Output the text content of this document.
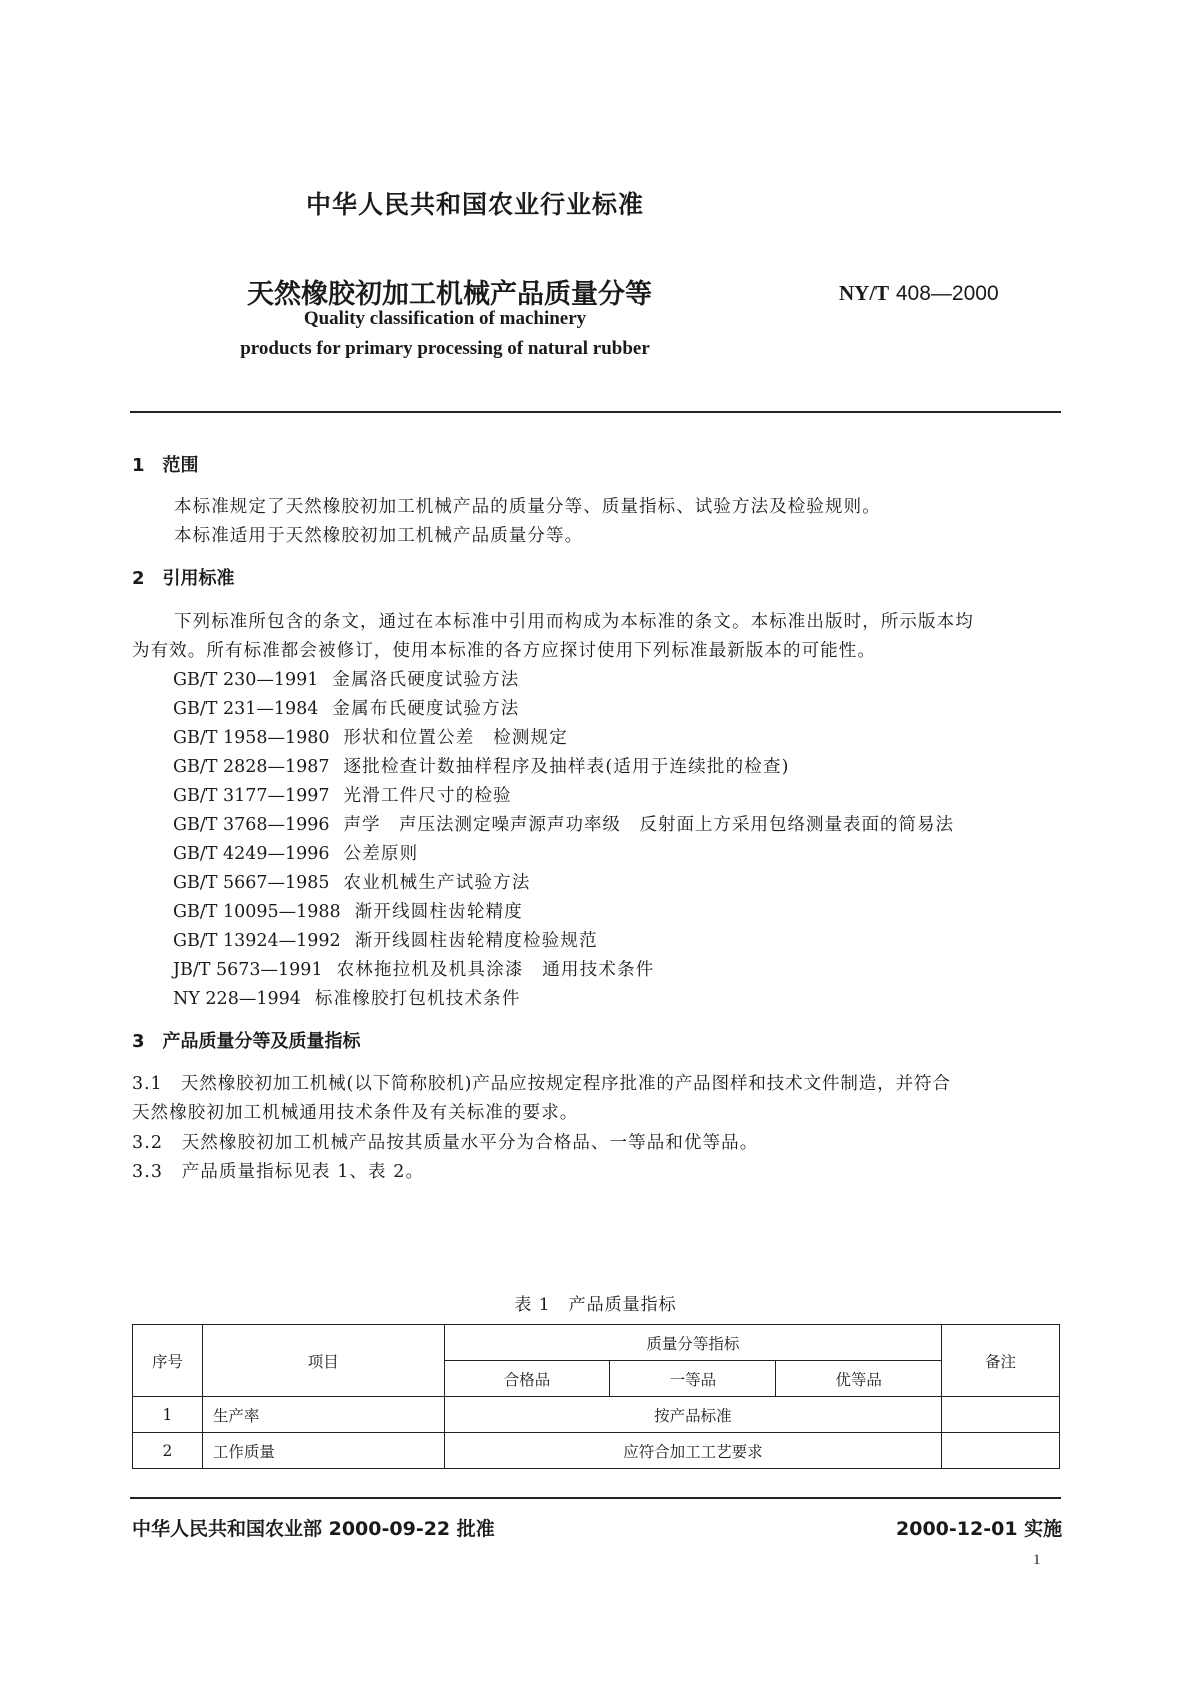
中华人民共和国农业行业标准
天然橡胶初加工机械产品质量分等	NY/T 408—2000
Quality classification of machinery
products for primary processing of natural rubber
1　范围
本标准规定了天然橡胶初加工机械产品的质量分等、质量指标、试验方法及检验规则。
本标准适用于天然橡胶初加工机械产品质量分等。
2　引用标准
下列标准所包含的条文，通过在本标准中引用而构成为本标准的条文。本标准出版时，所示版本均
为有效。所有标准都会被修订，使用本标准的各方应探讨使用下列标准最新版本的可能性。
GB/T 230—1991 金属洛氏硬度试验方法
GB/T 231—1984 金属布氏硬度试验方法
GB/T 1958—1980 形状和位置公差　检测规定
GB/T 2828—1987 逐批检查计数抽样程序及抽样表(适用于连续批的检查)
GB/T 3177—1997 光滑工件尺寸的检验
GB/T 3768—1996 声学　声压法测定噪声源声功率级　反射面上方采用包络测量表面的简易法
GB/T 4249—1996 公差原则
GB/T 5667—1985 农业机械生产试验方法
GB/T 10095—1988 渐开线圆柱齿轮精度
GB/T 13924—1992 渐开线圆柱齿轮精度检验规范
JB/T 5673—1991 农林拖拉机及机具涂漆　通用技术条件
NY 228—1994 标准橡胶打包机技术条件
3　产品质量分等及质量指标
3.1　天然橡胶初加工机械(以下简称胶机)产品应按规定程序批准的产品图样和技术文件制造，并符合
天然橡胶初加工机械通用技术条件及有关标准的要求。
3.2　天然橡胶初加工机械产品按其质量水平分为合格品、一等品和优等品。
3.3　产品质量指标见表 1、表 2。
表 1　产品质量指标
序号	项目	质量分等指标			备注
		合格品	一等品	优等品	
1	生产率	按产品标准			
2	工作质量	应符合加工工艺要求			
中华人民共和国农业部 2000-09-22 批准	2000-12-01 实施
1
